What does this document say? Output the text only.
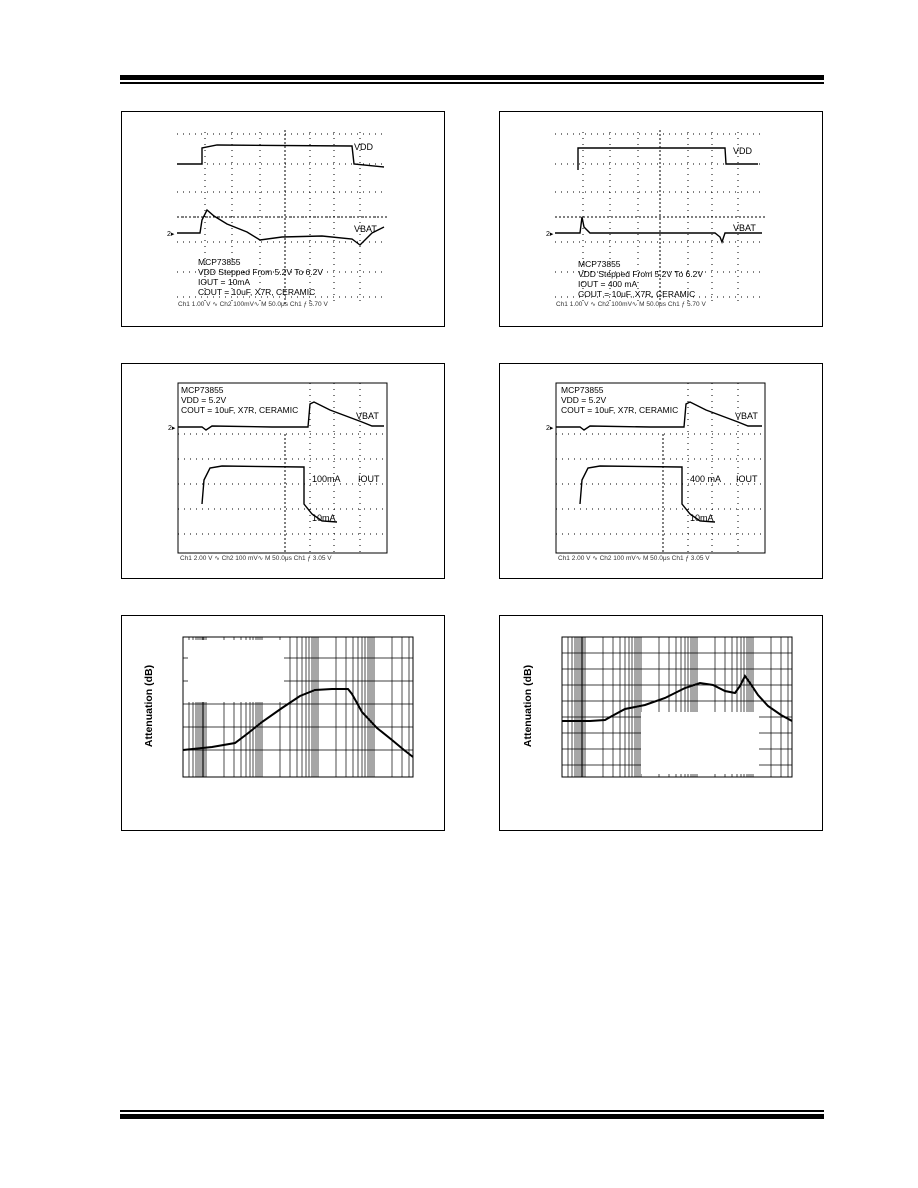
2▸
VDD
VBAT
MCP73855
VDD Stepped From 5.2V To 6.2V
IOUT = 10mA
COUT = 10uF, X7R, CERAMIC
Ch1 1.00 V ∿ Ch2 100mV∿ M 50.0μs Ch1 ƒ 5.70 V
2▸
VDD
VBAT
MCP73855
VDD Stepped From 5.2V To 6.2V
IOUT = 400 mA
COUT = 10uF, X7R, CERAMIC
Ch1 1.00 V ∿ Ch2 100mV∿ M 50.0μs Ch1 ƒ 5.70 V
2▸
MCP73855
VDD = 5.2V
COUT = 10uF, X7R, CERAMIC
VBAT
IOUT
100mA
10mA
Ch1 2.00 V ∿ Ch2 100 mV∿ M 50.0μs Ch1 ƒ 3.05 V
2▸
MCP73855
VDD = 5.2V
COUT = 10uF, X7R, CERAMIC
VBAT
IOUT
400 mA
10mA
Ch1 2.00 V ∿ Ch2 100 mV∿ M 50.0μs Ch1 ƒ 3.05 V
Attenuation (dB)	Attenuation (dB)
